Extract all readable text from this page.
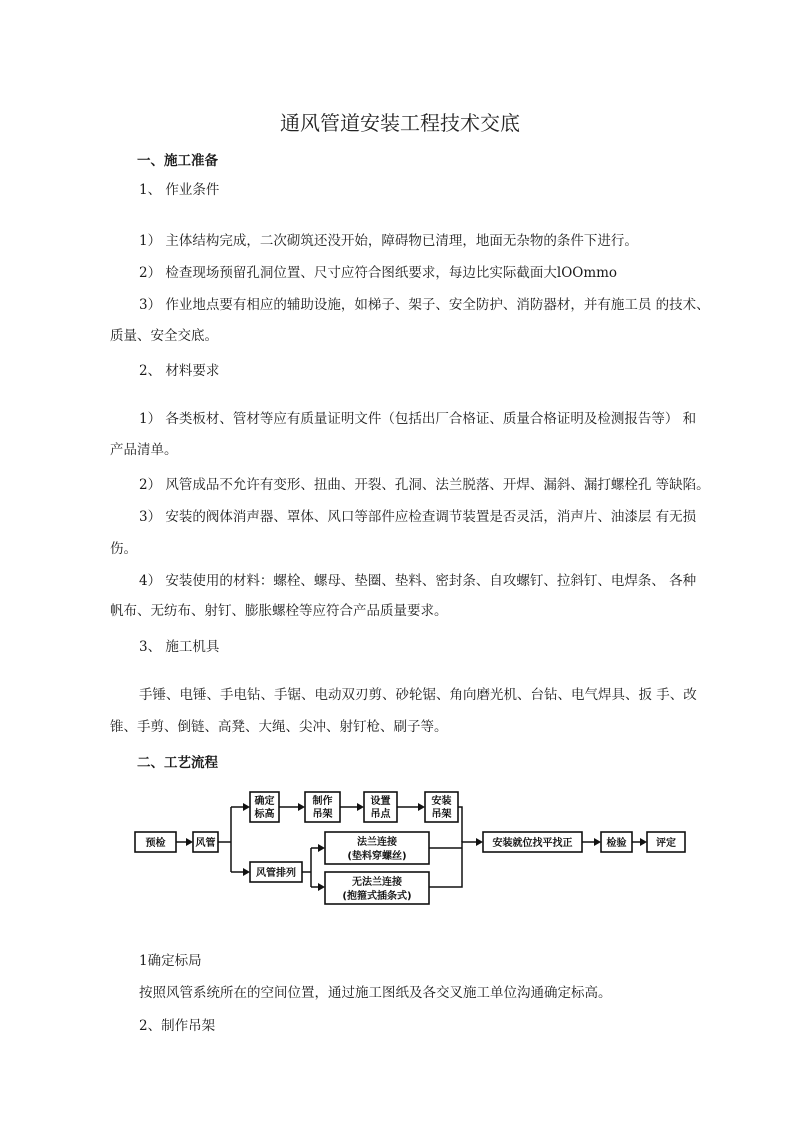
通风管道安装工程技术交底
一、施工准备
1、 作业条件
1） 主体结构完成，二次砌筑还没开始，障碍物已清理，地面无杂物的条件下进行。
2） 检查现场预留孔洞位置、尺寸应符合图纸要求，每边比实际截面大lOOmmo
3） 作业地点要有相应的辅助设施，如梯子、架子、安全防护、消防器材，并有施工员 的技术、
质量、安全交底。
2、 材料要求
1） 各类板材、管材等应有质量证明文件（包括出厂合格证、质量合格证明及检测报告等） 和
产品清单。
2） 风管成品不允许有变形、扭曲、开裂、孔洞、法兰脱落、开焊、漏斜、漏打螺栓孔 等缺陷。
3） 安装的阀体消声器、罩体、风口等部件应检查调节装置是否灵活，消声片、油漆层 有无损
伤。
4） 安装使用的材料：螺栓、螺母、垫圈、垫料、密封条、自攻螺钉、拉斜钉、电焊条、 各种
帆布、无纺布、射钉、膨胀螺栓等应符合产品质量要求。
3、 施工机具
手锤、电锤、手电钻、手锯、电动双刃剪、砂轮锯、角向磨光机、台钻、电气焊具、扳 手、改
锥、手剪、倒链、高凳、大绳、尖冲、射钉枪、刷子等。
二、工艺流程
预检	风管
确定
标高
制作
吊架
设置
吊点
安装
吊架
风管排列
法兰连接
(垫料穿螺丝)
无法兰连接
(抱箍式插条式)
安装就位找平找正	检验	评定
1确定标局
按照风管系统所在的空间位置，通过施工图纸及各交叉施工单位沟通确定标高。
2、制作吊架
